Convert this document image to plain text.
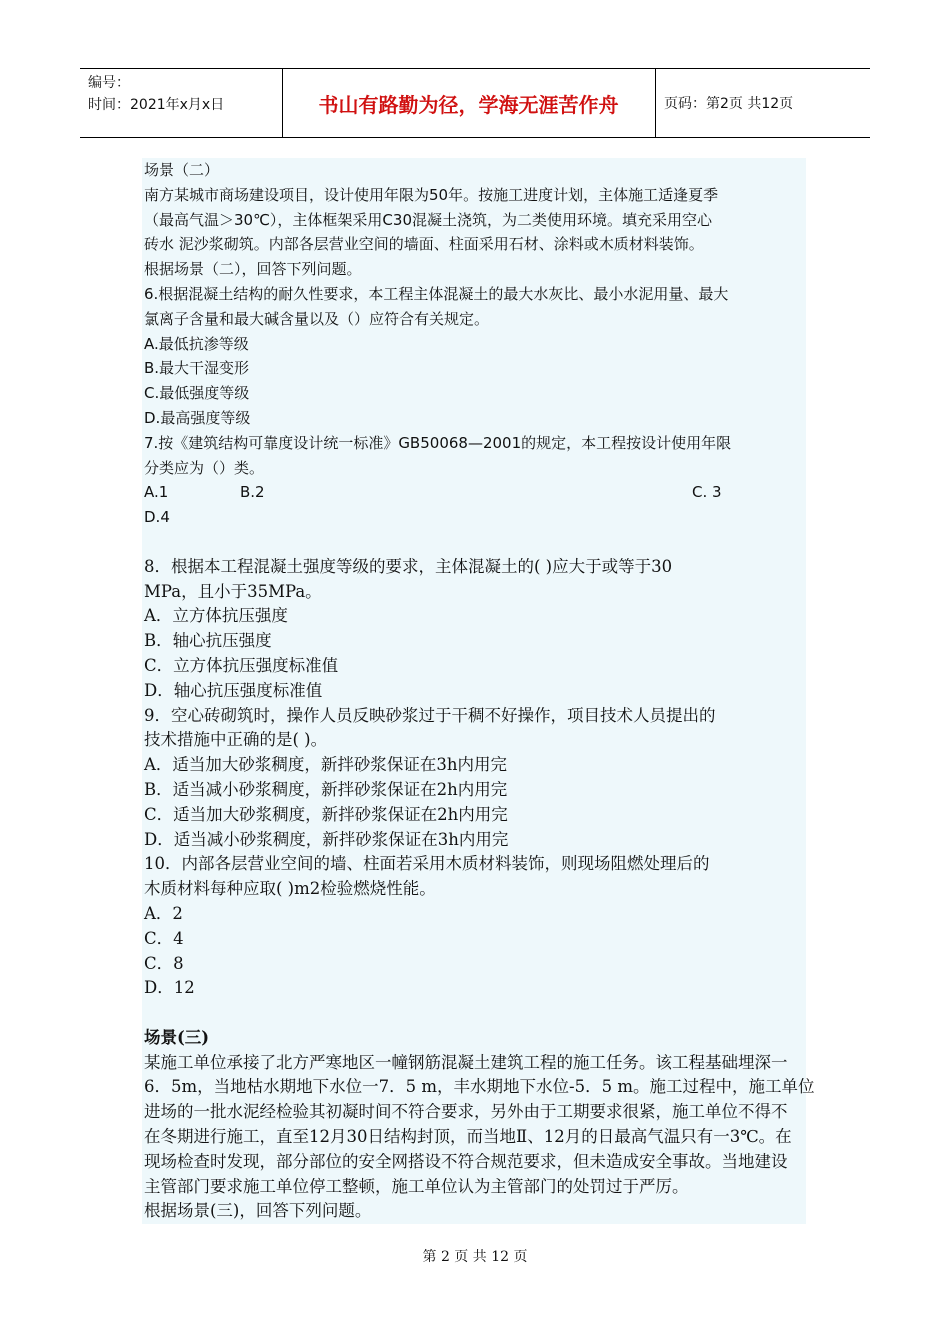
编号：
时间：2021年x月x日	书山有路勤为径，学海无涯苦作舟	页码：第2页 共12页
场景（二）
南方某城市商场建设项目，设计使用年限为50年。按施工进度计划，主体施工适逢夏季
（最高气温＞30℃），主体框架采用C30混凝土浇筑，为二类使用环境。填充采用空心
砖水 泥沙浆砌筑。内部各层营业空间的墙面、柱面采用石材、涂料或木质材料装饰。
根据场景（二），回答下列问题。
6.根据混凝土结构的耐久性要求，本工程主体混凝土的最大水灰比、最小水泥用量、最大
氯离子含量和最大碱含量以及（）应符合有关规定。
A.最低抗渗等级
B.最大干湿变形
C.最低强度等级
D.最高强度等级
7.按《建筑结构可靠度设计统一标准》GB50068—2001的规定，本工程按设计使用年限
分类应为（）类。
A.1	B.2	C. 3
D.4
8．根据本工程混凝土强度等级的要求，主体混凝土的( )应大于或等于30
MPa，且小于35MPa。
A．立方体抗压强度
B．轴心抗压强度
C．立方体抗压强度标准值
D．轴心抗压强度标准值
9．空心砖砌筑时，操作人员反映砂浆过于干稠不好操作，项目技术人员提出的
技术措施中正确的是( )。
A．适当加大砂浆稠度，新拌砂浆保证在3h内用完
B．适当减小砂浆稠度，新拌砂浆保证在2h内用完
C．适当加大砂浆稠度，新拌砂浆保证在2h内用完
D．适当减小砂浆稠度，新拌砂浆保证在3h内用完
10．内部各层营业空间的墙、柱面若采用木质材料装饰，则现场阻燃处理后的
木质材料每种应取( )m2检验燃烧性能。
A．2
C．4
C．8
D．12
场景(三)
某施工单位承接了北方严寒地区一幢钢筋混凝土建筑工程的施工任务。该工程基础埋深一
6．5m，当地枯水期地下水位一7．5 m，丰水期地下水位-5．5 m。施工过程中，施工单位
进场的一批水泥经检验其初凝时间不符合要求，另外由于工期要求很紧，施工单位不得不
在冬期进行施工，直至12月30日结构封顶，而当地Ⅱ、12月的日最高气温只有一3℃。在
现场检查时发现，部分部位的安全网搭设不符合规范要求，但未造成安全事故。当地建设
主管部门要求施工单位停工整顿，施工单位认为主管部门的处罚过于严厉。
根据场景(三)，回答下列问题。
第 2 页 共 12 页
